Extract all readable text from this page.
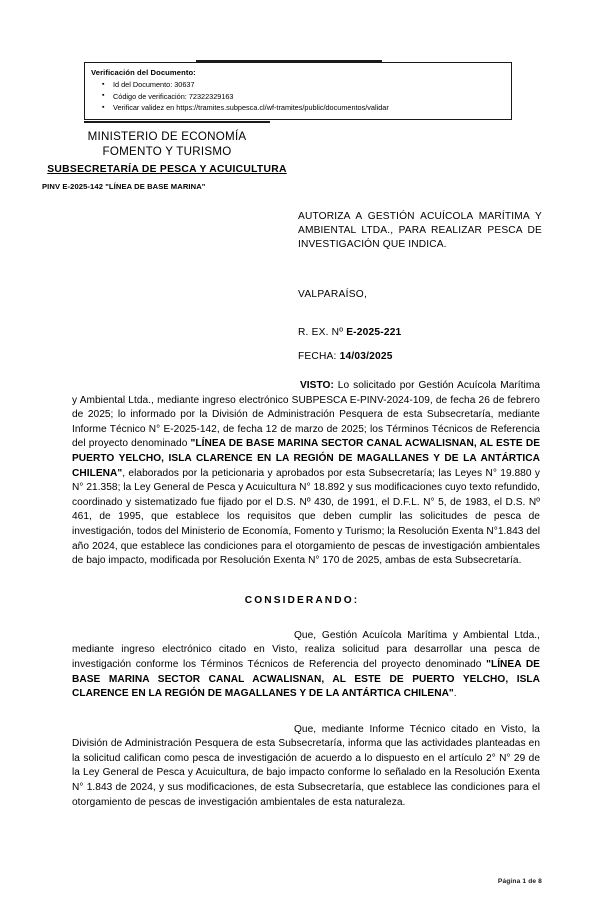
Verificación del Documento:
▪ Id del Documento: 30637
▪ Código de verificación: 72322329163
▪ Verificar validez en https://tramites.subpesca.cl/wf-tramites/public/documentos/validar
MINISTERIO DE ECONOMÍA
FOMENTO Y TURISMO
SUBSECRETARÍA DE PESCA Y ACUICULTURA
PINV E-2025-142 "LÍNEA DE BASE MARINA"
AUTORIZA A GESTIÓN ACUÍCOLA MARÍTIMA Y AMBIENTAL LTDA., PARA REALIZAR PESCA DE INVESTIGACIÓN QUE INDICA.
VALPARAÍSO,
R. EX. Nº E-2025-221
FECHA: 14/03/2025

VISTO: Lo solicitado por Gestión Acuícola Marítima y Ambiental Ltda., mediante ingreso electrónico SUBPESCA E-PINV-2024-109, de fecha 26 de febrero de 2025; lo informado por la División de Administración Pesquera de esta Subsecretaría, mediante Informe Técnico N° E-2025-142, de fecha 12 de marzo de 2025; los Términos Técnicos de Referencia del proyecto denominado "LÍNEA DE BASE MARINA SECTOR CANAL ACWALISNAN, AL ESTE DE PUERTO YELCHO, ISLA CLARENCE EN LA REGIÓN DE MAGALLANES Y DE LA ANTÁRTICA CHILENA", elaborados por la peticionaria y aprobados por esta Subsecretaría; las Leyes N° 19.880 y N° 21.358; la Ley General de Pesca y Acuicultura N° 18.892 y sus modificaciones cuyo texto refundido, coordinado y sistematizado fue fijado por el D.S. Nº 430, de 1991, el D.F.L. N° 5, de 1983, el D.S. Nº 461, de 1995, que establece los requisitos que deben cumplir las solicitudes de pesca de investigación, todos del Ministerio de Economía, Fomento y Turismo; la Resolución Exenta N°1.843 del año 2024, que establece las condiciones para el otorgamiento de pescas de investigación ambientales de bajo impacto, modificada por Resolución Exenta N° 170 de 2025, ambas de esta Subsecretaría.

CONSIDERANDO:

Que, Gestión Acuícola Marítima y Ambiental Ltda., mediante ingreso electrónico citado en Visto, realiza solicitud para desarrollar una pesca de investigación conforme los Términos Técnicos de Referencia del proyecto denominado "LÍNEA DE BASE MARINA SECTOR CANAL ACWALISNAN, AL ESTE DE PUERTO YELCHO, ISLA CLARENCE EN LA REGIÓN DE MAGALLANES Y DE LA ANTÁRTICA CHILENA".

Que, mediante Informe Técnico citado en Visto, la División de Administración Pesquera de esta Subsecretaría, informa que las actividades planteadas en la solicitud califican como pesca de investigación de acuerdo a lo dispuesto en el artículo 2° N° 29 de la Ley General de Pesca y Acuicultura, de bajo impacto conforme lo señalado en la Resolución Exenta N° 1.843 de 2024, y sus modificaciones, de esta Subsecretaría, que establece las condiciones para el otorgamiento de pescas de investigación ambientales de esta naturaleza.

Página 1 de 8
